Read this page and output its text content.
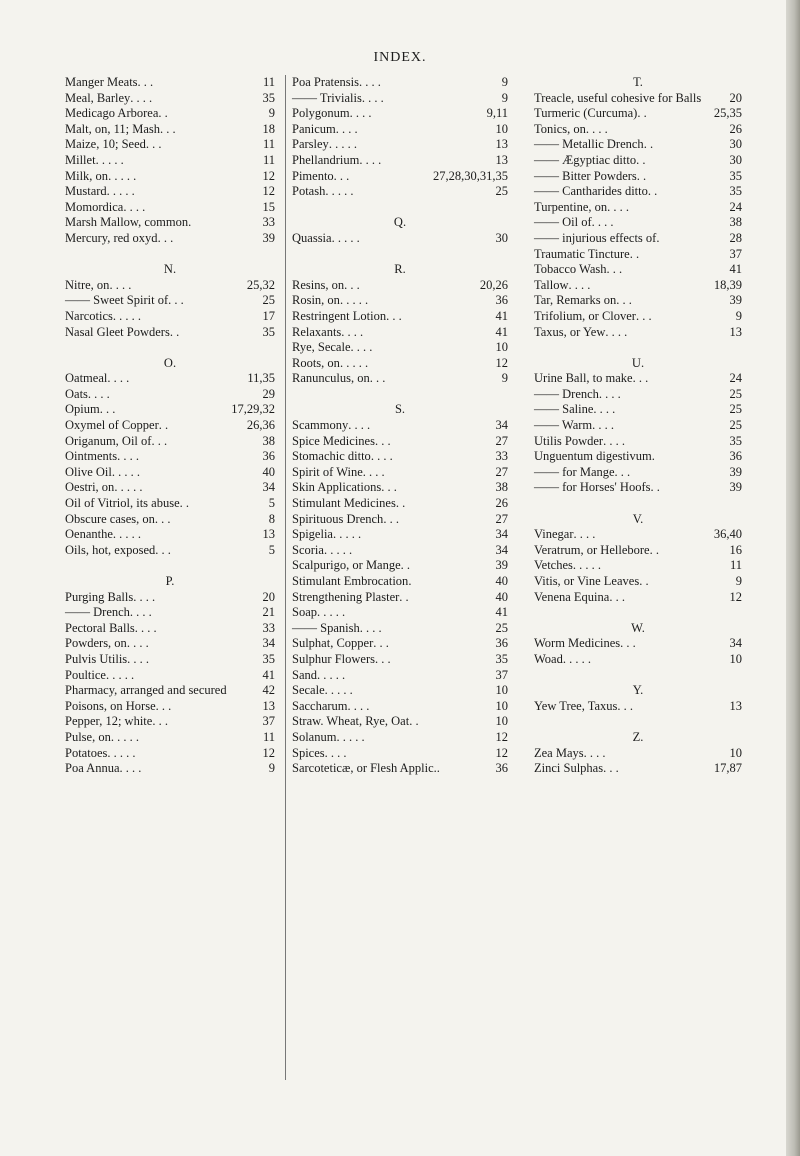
INDEX.
Manger Meats . . .	11
Meal, Barley . . . .	35
Medicago Arborea . .	9
Malt, on, 11; Mash . . .	18
Maize, 10; Seed . . .	11
Millet . . . . .	11
Milk, on . . . . .	12
Mustard . . . . .	12
Momordica . . . .	15
Marsh Mallow, common .	33
Mercury, red oxyd . . .	39
N.
Nitre, on . . . .	25,32
—— Sweet Spirit of . . .	25
Narcotics . . . . .	17
Nasal Gleet Powders . .	35
O.
Oatmeal . . . .	11,35
Oats . . . .	29
Opium . . .	17,29,32
Oxymel of Copper . .	26,36
Origanum, Oil of . . .	38
Ointments . . . .	36
Olive Oil . . . . .	40
Oestri, on . . . . .	34
Oil of Vitriol, its abuse . .	5
Obscure cases, on . . .	8
Oenanthe . . . . .	13
Oils, hot, exposed . . .	5
P.
Purging Balls . . . .	20
—— Drench . . . .	21
Pectoral Balls . . . .	33
Powders, on . . . .	34
Pulvis Utilis . . . .	35
Poultice . . . . .	41
Pharmacy, arranged and secured	42
Poisons, on Horse . . .	13
Pepper, 12; white . . .	37
Pulse, on . . . . .	11
Potatoes . . . . .	12
Poa Annua . . . .	9
Poa Pratensis . . . .	9
—— Trivialis . . . .	9
Polygonum . . . .	9,11
Panicum . . . .	10
Parsley . . . . .	13
Phellandrium . . . .	13
Pimento . . .	27,28,30,31,35
Potash . . . . .	25
Q.
Quassia . . . . .	30
R.
Resins, on . . .	20,26
Rosin, on . . . . .	36
Restringent Lotion . . .	41
Relaxants . . . .	41
Rye, Secale . . . .	10
Roots, on . . . . .	12
Ranunculus, on . . .	9
S.
Scammony . . . .	34
Spice Medicines . . .	27
Stomachic ditto . . . .	33
Spirit of Wine . . . .	27
Skin Applications . . .	38
Stimulant Medicines . .	26
Spirituous Drench . . .	27
Spigelia . . . . .	34
Scoria . . . . .	34
Scalpurigo, or Mange . .	39
Stimulant Embrocation .	40
Strengthening Plaster . .	40
Soap . . . . .	41
—— Spanish . . . .	25
Sulphat, Copper . . .	36
Sulphur Flowers . . .	35
Sand . . . . .	37
Secale . . . . .	10
Saccharum . . . .	10
Straw. Wheat, Rye, Oat . .	10
Solanum . . . . .	12
Spices . . . .	12
Sarcoteticæ, or Flesh Applic. .	36
T.
Treacle, useful cohesive for Balls 20
Turmeric (Curcuma) . .	25,35
Tonics, on . . . .	26
—— Metallic Drench . .	30
—— Ægyptiac ditto . .	30
—— Bitter Powders . .	35
—— Cantharides ditto . .	35
Turpentine, on . . . .	24
—— Oil of . . . .	38
—— injurious effects of .	28
Traumatic Tincture . .	37
Tobacco Wash . . .	41
Tallow . . . .	18,39
Tar, Remarks on . . .	39
Trifolium, or Clover . . .	9
Taxus, or Yew . . . .	13
U.
Urine Ball, to make . . .	24
—— Drench . . . .	25
—— Saline . . . .	25
—— Warm . . . .	25
Utilis Powder . . . .	35
Unguentum digestivum .	36
—— for Mange . . .	39
—— for Horses' Hoofs . .	39
V.
Vinegar . . . .	36,40
Veratrum, or Hellebore . .	16
Vetches . . . . .	11
Vitis, or Vine Leaves . .	9
Venena Equina . . .	12
W.
Worm Medicines . . .	34
Woad . . . . .	10
Y.
Yew Tree, Taxus . . .	13
Z.
Zea Mays . . . .	10
Zinci Sulphas . . .	17,87
